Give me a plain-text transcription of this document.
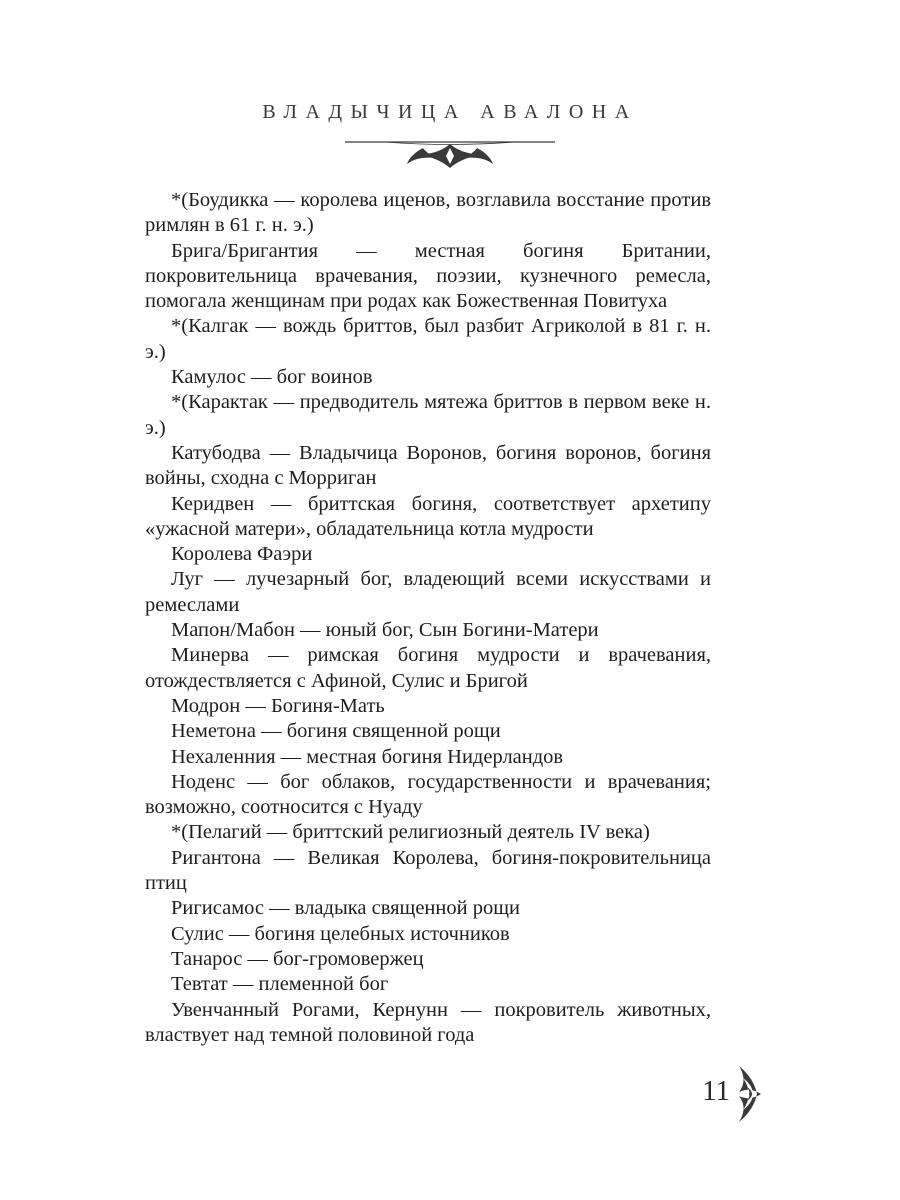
ВЛАДЫЧИЦА АВАЛОНА

*(Боудикка — королева иценов, возглавила восстание против римлян в 61 г. н. э.)

Брига/Бригантия — местная богиня Британии, покровительница врачевания, поэзии, кузнечного ремесла, помогала женщинам при родах как Божественная Повитуха

*(Калгак — вождь бриттов, был разбит Агриколой в 81 г. н. э.)

Камулос — бог воинов

*(Карактак — предводитель мятежа бриттов в первом веке н. э.)

Катубодва — Владычица Воронов, богиня воронов, богиня войны, сходна с Морриган

Керидвен — бриттская богиня, соответствует архетипу «ужасной матери», обладательница котла мудрости

Королева Фаэри

Луг — лучезарный бог, владеющий всеми искусствами и ремеслами

Мапон/Мабон — юный бог, Сын Богини-Матери

Минерва — римская богиня мудрости и врачевания, отождествляется с Афиной, Сулис и Бригой

Модрон — Богиня-Мать

Неметона — богиня священной рощи

Нехаленния — местная богиня Нидерландов

Ноденс — бог облаков, государственности и врачевания; возможно, соотносится с Нуаду

*(Пелагий — бриттский религиозный деятель IV века)

Ригантона — Великая Королева, богиня-покровительница птиц

Ригисамос — владыка священной рощи

Сулис — богиня целебных источников

Танарос — бог-громовержец

Тевтат — племенной бог

Увенчанный Рогами, Кернунн — покровитель животных, властвует над темной половиной года

11
